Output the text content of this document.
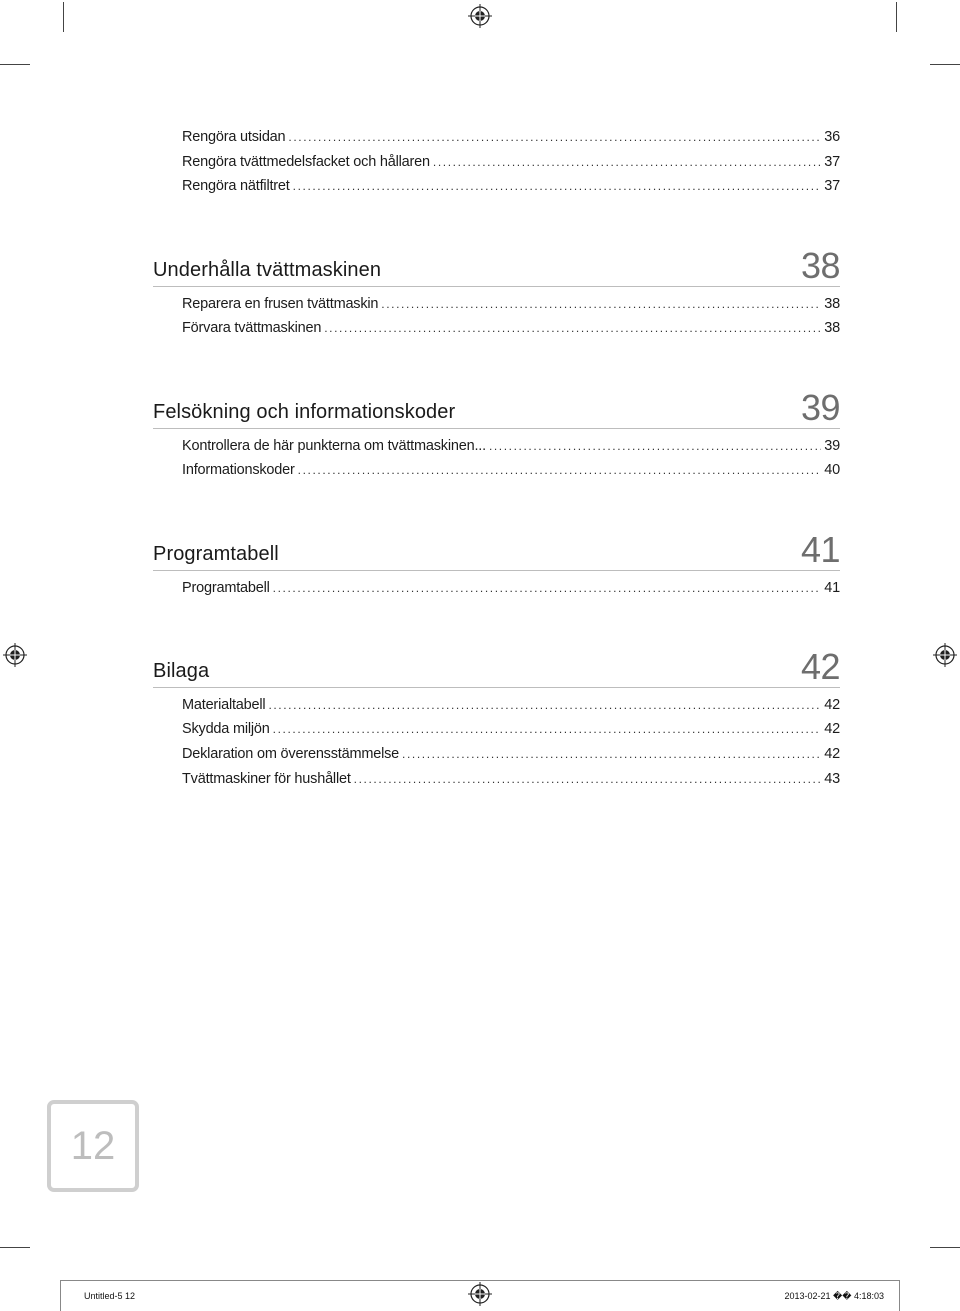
Rengöra utsidan .....	36
Rengöra tvättmedelsfacket och hållaren .....	37
Rengöra nätfiltret .....	37
Underhålla tvättmaskinen	38
Reparera en frusen tvättmaskin .....	38
Förvara tvättmaskinen .....	38
Felsökning och informationskoder	39
Kontrollera de här punkterna om tvättmaskinen... .....	39
Informationskoder .....	40
Programtabell	41
Programtabell .....	41
Bilaga	42
Materialtabell .....	42
Skydda miljön .....	42
Deklaration om överensstämmelse .....	42
Tvättmaskiner för hushållet .....	43
12
Untitled-5 12	2013-02-21 �� 4:18:03
